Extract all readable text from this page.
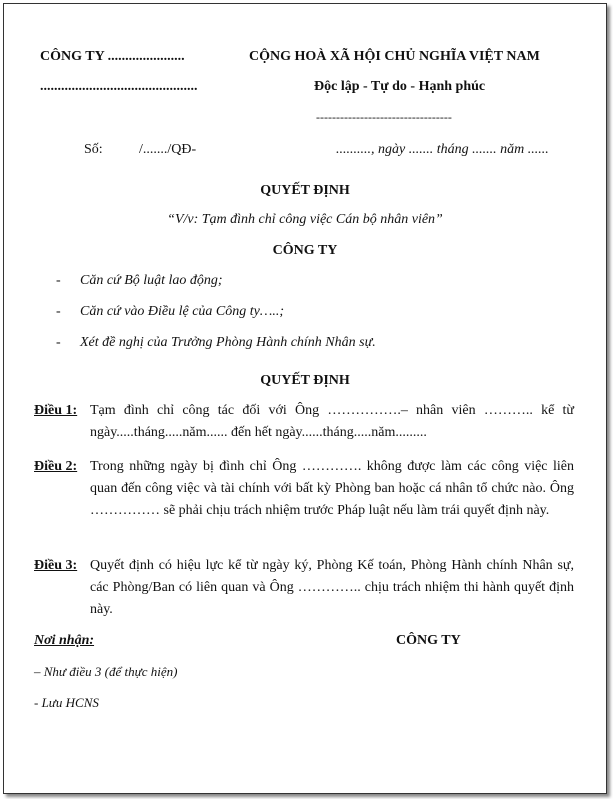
CÔNG TY ......................
.............................................
CỘNG HOÀ XÃ HỘI CHỦ NGHĨA VIỆT NAM
Độc lập - Tự do - Hạnh phúc
----------------------------------
Số:	/......./QĐ-	.........., ngày ....... tháng ....... năm ......
QUYẾT ĐỊNH
“V/v: Tạm đình chỉ công việc Cán bộ nhân viên”
CÔNG TY
- Căn cứ Bộ luật lao động;
- Căn cứ vào Điều lệ của Công ty…..;
- Xét đề nghị của Trưởng Phòng Hành chính Nhân sự.
QUYẾT ĐỊNH
Điều 1: Tạm đình chỉ công tác đối với Ông …………….– nhân viên ……….. kể từ ngày.....tháng.....năm...... đến hết ngày......tháng.....năm.........
Điều 2: Trong những ngày bị đình chỉ Ông …………. không được làm các công việc liên quan đến công việc và tài chính với bất kỳ Phòng ban hoặc cá nhân tổ chức nào. Ông …………… sẽ phải chịu trách nhiệm trước Pháp luật nếu làm trái quyết định này.
Điều 3: Quyết định có hiệu lực kể từ ngày ký, Phòng Kế toán, Phòng Hành chính Nhân sự, các Phòng/Ban có liên quan và Ông ………….. chịu trách nhiệm thi hành quyết định này.
Nơi nhận:	CÔNG TY
– Như điều 3 (để thực hiện)
- Lưu HCNS
